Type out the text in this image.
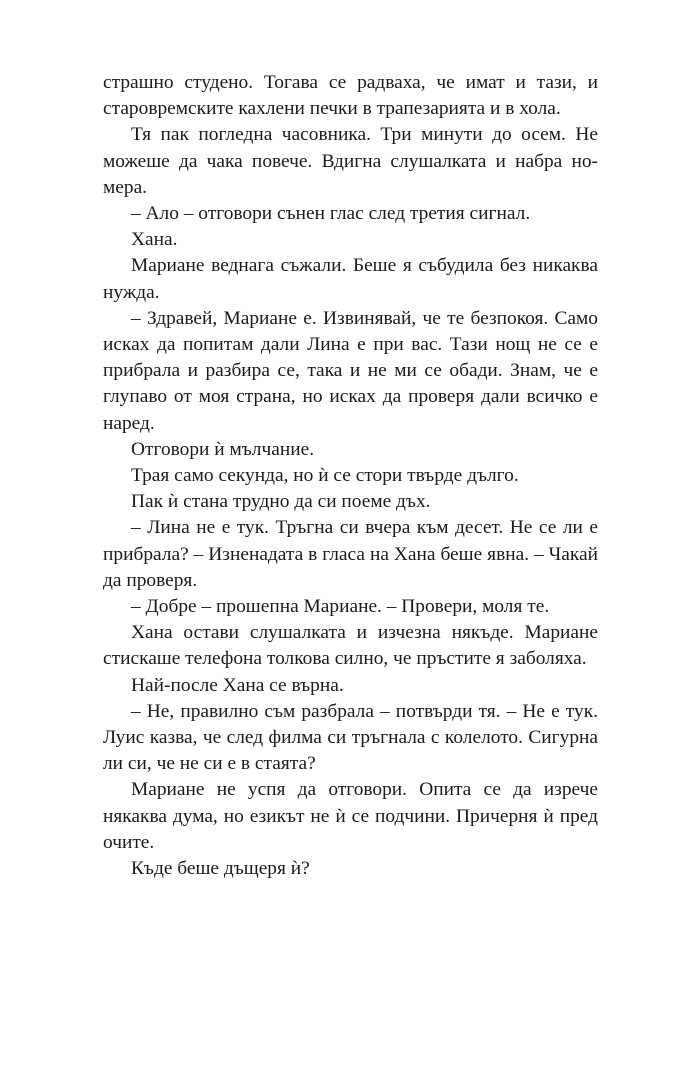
страшно студено. Тогава се радваха, че имат и тази, и старовремските кахлени печки в трапезарията и в хола.

Тя пак погледна часовника. Три минути до осем. Не можеше да чака повече. Вдигна слушалката и набра номера.

– Ало – отговори сънен глас след третия сигнал.

Хана.

Мариане веднага съжали. Беше я събудила без никаква нужда.

– Здравей, Мариане е. Извинявай, че те безпокоя. Само исках да попитам дали Лина е при вас. Тази нощ не се е прибрала и разбира се, така и не ми се обади. Знам, че е глупаво от моя страна, но исках да проверя дали всичко е наред.

Отговори ѝ мълчание.

Трая само секунда, но ѝ се стори твърде дълго.

Пак ѝ стана трудно да си поеме дъх.

– Лина не е тук. Тръгна си вчера към десет. Не се ли е прибрала? – Изненадата в гласа на Хана беше явна. – Чакай да проверя.

– Добре – прошепна Мариане. – Провери, моля те.

Хана остави слушалката и изчезна някъде. Мариане стискаше телефона толкова силно, че пръстите я заболяха.

Най-после Хана се върна.

– Не, правилно съм разбрала – потвърди тя. – Не е тук. Луис казва, че след филма си тръгнала с колелото. Сигурна ли си, че не си е в стаята?

Мариане не успя да отговори. Опита се да изрече някаква дума, но езикът не ѝ се подчини. Причерня ѝ пред очите.

Къде беше дъщеря ѝ?
